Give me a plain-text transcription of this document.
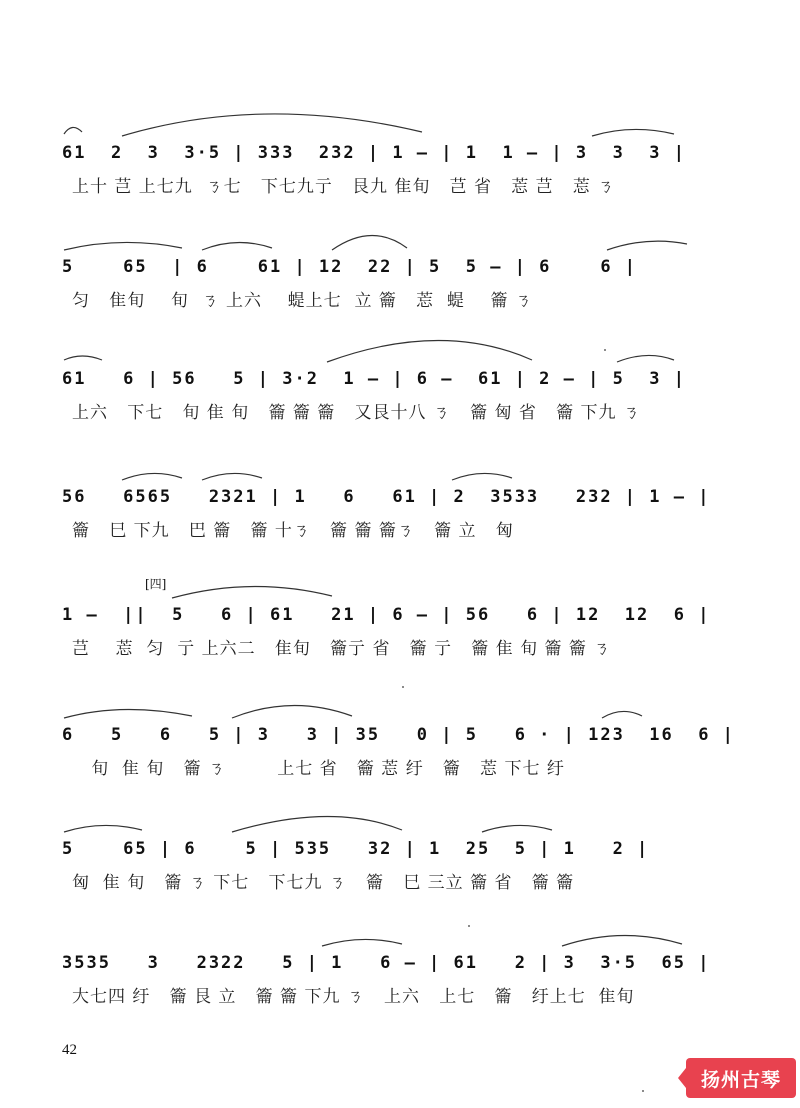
61  2  3  3·5 | 333  232 | 1 — | 1  1 — | 3  3  3 |
上十 芑 上七九  ㄋ七   下七九亍   艮九 隹旬   芑 省   莣 芑   莣 ㄋ
5    65  | 6    61 | 12  22 | 5  5 — | 6    6 |
匀   隹旬    旬  ㄋ 上六    蝭上七  立 籥   莣  蝭    籥 ㄋ
61   6 | 56   5 | 3·2  1 — | 6 —  61 | 2 — | 5  3 |
上六   下七   旬 隹 旬   籥 籥 籥   又艮十八 ㄋ   籥 匈 省   籥 下九 ㄋ
56   6565   2321 | 1   6   61 | 2  3533   232 | 1 — |
籥   巳 下九   巴 籥   籥 十ㄋ   籥 籥 籥ㄋ   籥 立   匈
[四]
1 —  ||  5   6 | 61   21 | 6 — | 56   6 | 12  12  6 |
芑    莣  匀  亍 上六二   隹旬   籥亍 省   籥 亍   籥 隹 旬 籥 籥 ㄋ
6   5   6   5 | 3   3 | 35   0 | 5   6 · | 123  16  6 |
旬  隹 旬   籥 ㄋ        上七 省   籥 莣 纡   籥   莣 下七 纡
5    65 | 6    5 | 535   32 | 1  25  5 | 1   2 |
匈  隹 旬   籥 ㄋ 下七   下七九 ㄋ   籥   巳 三立 籥 省   籥 籥
3535   3   2322   5 | 1   6 — | 61   2 | 3  3·5  65 |
大七四 纡   籥 艮 立   籥 籥 下九 ㄋ   上六   上七   籥   纡上七  隹旬
42
扬州古琴
